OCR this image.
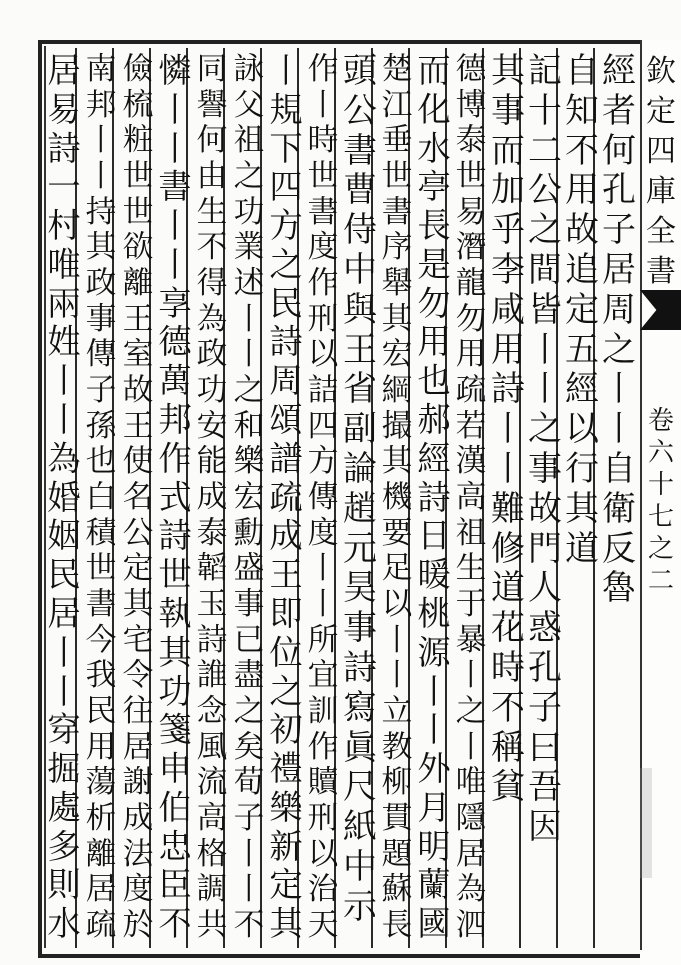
經
者
何
孔
子
居
周
之
丨
丨
自
衛
反
魯
自
知
不
用
故
追
定
五
經
以
行
其
道
記
十
二
公
之
間
皆
丨
丨
之
事
故
門
人
惑
孔
子
曰
吾
因
其
事
而
加
乎
李
咸
用
詩
丨
丨
難
修
道
花
時
不
稱
貧
德
博
泰
世
易
潛
龍
勿
用
疏
若
漢
高
祖
生
于
暴
丨
之
丨
唯
隱
居
為
泗
而
化
水
亭
長
是
勿
用
也
郝
經
詩
日
暖
桃
源
丨
丨
外
月
明
蘭
國
楚
江
垂
世
書
序
舉
其
宏
綱
撮
其
機
要
足
以
丨
丨
立
教
柳
貫
題
蘇
長
頭
公
書
曹
侍
中
與
王
省
副
論
趙
元
昊
事
詩
寫
眞
尺
紙
中
示
作
丨
時
世
書
度
作
刑
以
詰
四
方
傳
度
丨
丨
所
宜
訓
作
贖
刑
以
治
天
丨
規
下
四
方
之
民
詩
周
頌
譜
疏
成
王
即
位
之
初
禮
樂
新
定
其
詠
父
祖
之
功
業
述
丨
丨
之
和
樂
宏
勳
盛
事
已
盡
之
矣
荀
子
丨
丨
不
同
譽
何
由
生
不
得
為
政
功
安
能
成
泰
韜
玉
詩
誰
念
風
流
高
格
調
共
憐
丨
丨
書
丨
丨
享
德
萬
邦
作
式
詩
世
執
其
功
箋
申
伯
忠
臣
不
儉
梳
粧
世
世
欲
離
王
室
故
王
使
名
公
定
其
宅
令
往
居
謝
成
法
度
於
南
邦
丨
丨
持
其
政
事
傳
子
孫
也
白
積
世
書
今
我
民
用
蕩
析
離
居
疏
居
易
詩
一
村
唯
兩
姓
丨
丨
為
婚
姻
民
居
丨
丨
穿
掘
處
多
則
水
欽
定
四
庫
全
書
卷
六
十
七
之
二
